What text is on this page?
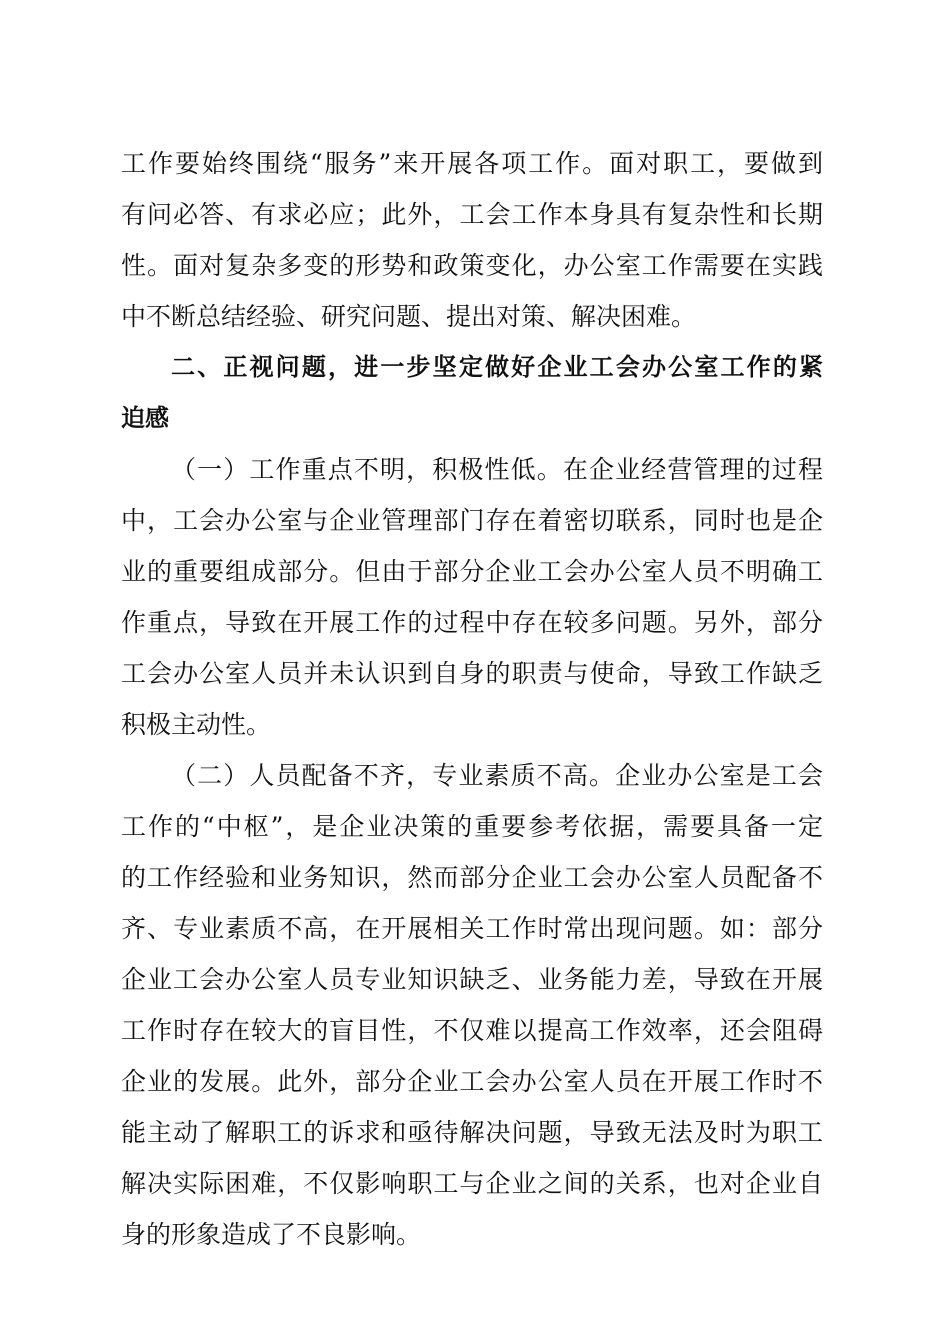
工作要始终围绕“服务”来开展各项工作。面对职工，要做到
有问必答、有求必应；此外，工会工作本身具有复杂性和长期
性。面对复杂多变的形势和政策变化，办公室工作需要在实践
中不断总结经验、研究问题、提出对策、解决困难。
二、正视问题，进一步坚定做好企业工会办公室工作的紧
迫感
（一）工作重点不明，积极性低。在企业经营管理的过程
中，工会办公室与企业管理部门存在着密切联系，同时也是企
业的重要组成部分。但由于部分企业工会办公室人员不明确工
作重点，导致在开展工作的过程中存在较多问题。另外，部分
工会办公室人员并未认识到自身的职责与使命，导致工作缺乏
积极主动性。
（二）人员配备不齐，专业素质不高。企业办公室是工会
工作的“中枢”，是企业决策的重要参考依据，需要具备一定
的工作经验和业务知识，然而部分企业工会办公室人员配备不
齐、专业素质不高，在开展相关工作时常出现问题。如：部分
企业工会办公室人员专业知识缺乏、业务能力差，导致在开展
工作时存在较大的盲目性，不仅难以提高工作效率，还会阻碍
企业的发展。此外，部分企业工会办公室人员在开展工作时不
能主动了解职工的诉求和亟待解决问题，导致无法及时为职工
解决实际困难，不仅影响职工与企业之间的关系，也对企业自
身的形象造成了不良影响。
